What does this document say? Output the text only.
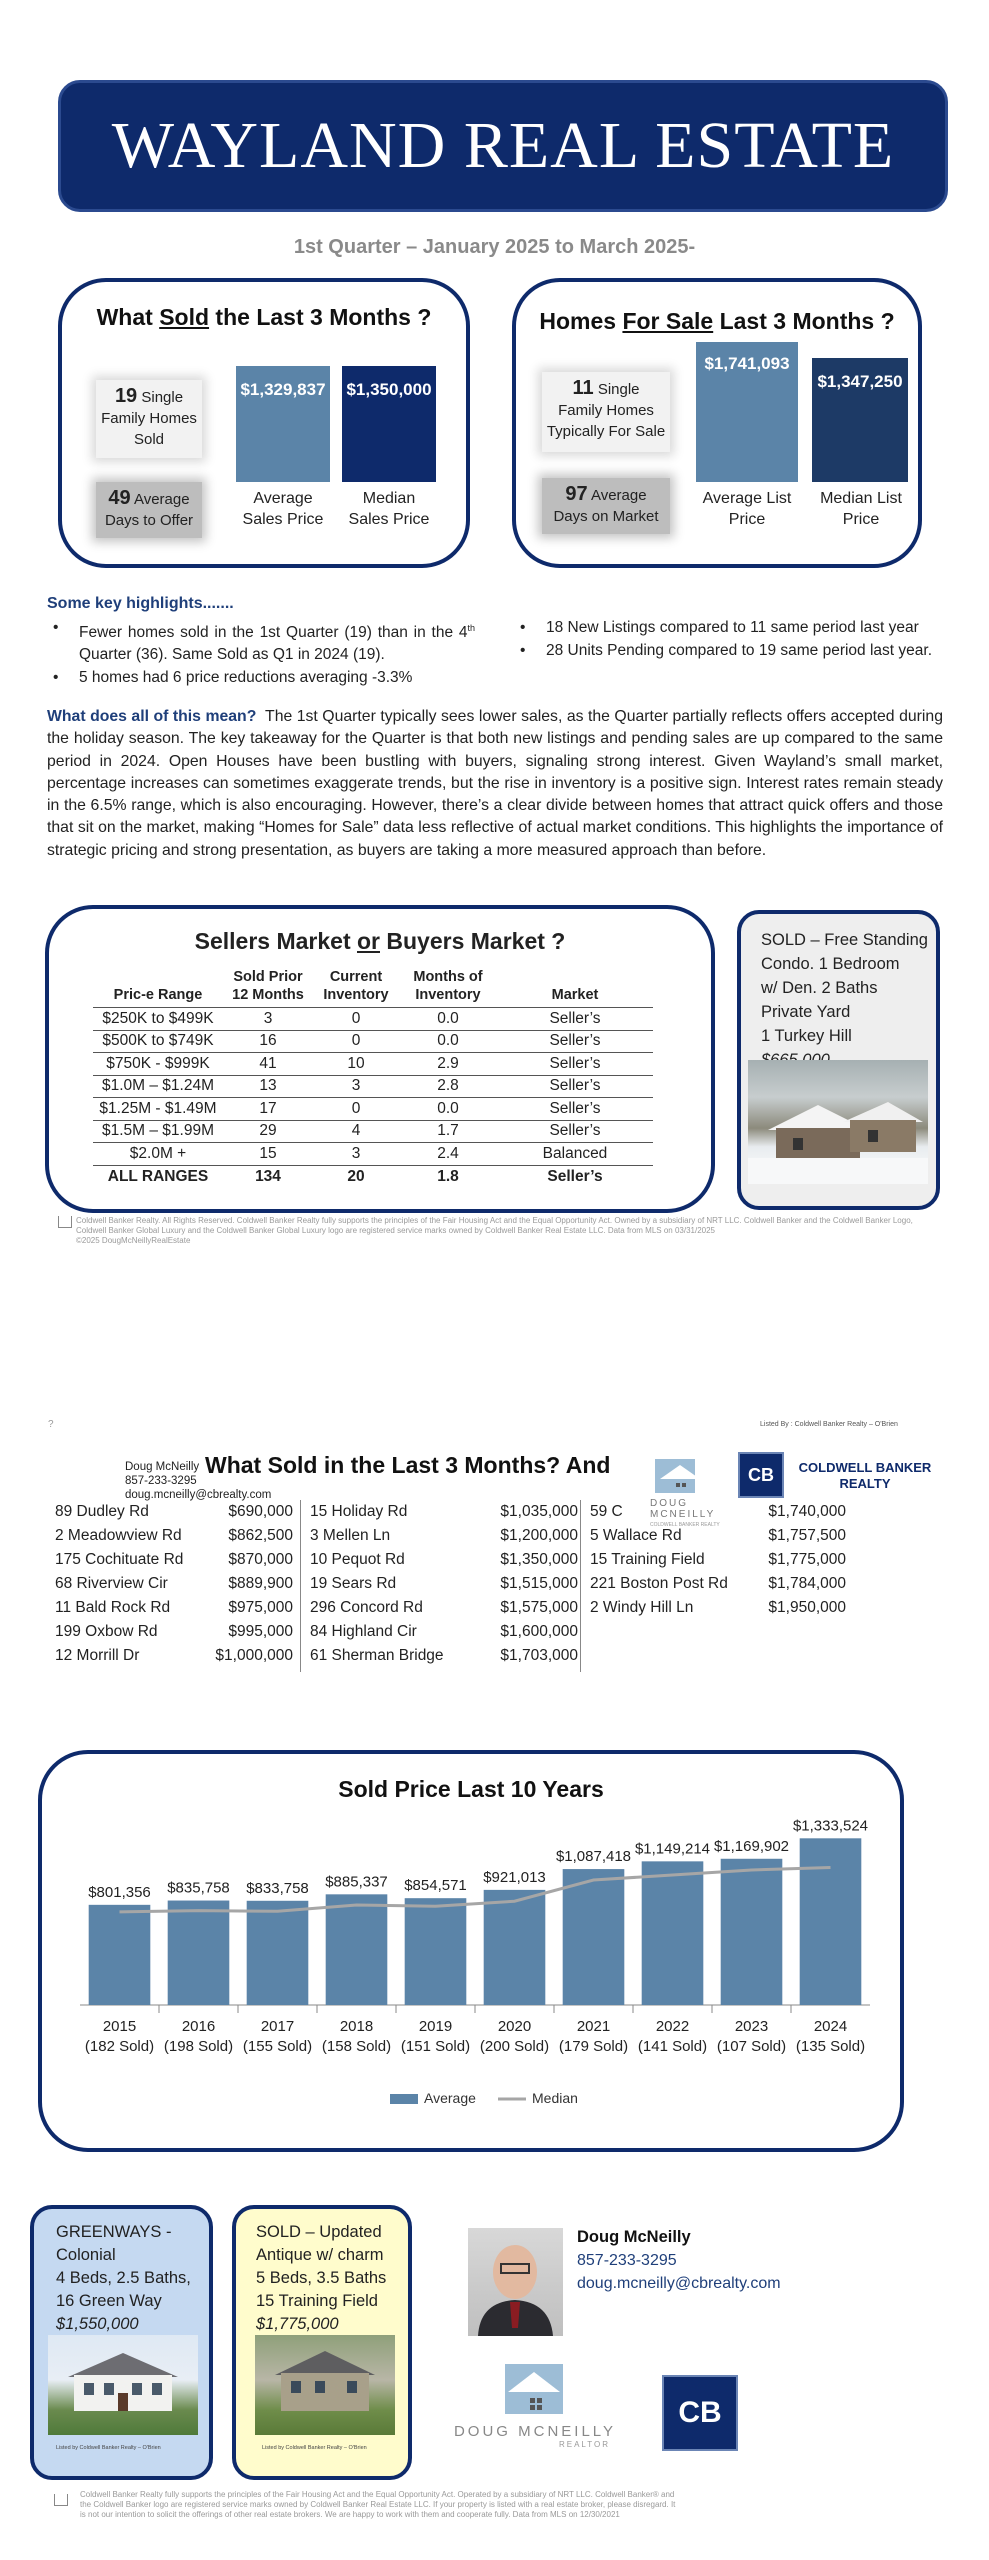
WAYLAND REAL ESTATE
1st Quarter – January 2025 to March 2025-
What Sold the Last 3 Months ?
19 Single
Family Homes
Sold
49 Average
Days to Offer
$1,329,837 $1,350,000
Average
Sales Price
Median
Sales Price
Homes For Sale Last 3 Months ?
11 Single
Family Homes
Typically For Sale
97 Average
Days on Market
$1,741,093
$1,347,250
Average List
Price
Median List
Price
Some key highlights.......
• Fewer homes sold in the 1st Quarter (19) than in the 4th Quarter (36). Same Sold as Q1 in 2024 (19).
• 5 homes had 6 price reductions averaging -3.3%
• 18 New Listings compared to 11 same period last year
• 28 Units Pending compared to 19 same period last year.
What does all of this mean? The 1st Quarter typically sees lower sales, as the Quarter partially reflects offers accepted during the holiday season. The key takeaway for the Quarter is that both new listings and pending sales are up compared to the same period in 2024. Open Houses have been bustling with buyers, signaling strong interest. Given Wayland’s small market, percentage increases can sometimes exaggerate trends, but the rise in inventory is a positive sign. Interest rates remain steady in the 6.5% range, which is also encouraging. However, there’s a clear divide between homes that attract quick offers and those that sit on the market, making “Homes for Sale” data less reflective of actual market conditions. This highlights the importance of strategic pricing and strong presentation, as buyers are taking a more measured approach than before.
Sellers Market or Buyers Market ?
Pric-e Range	Sold Prior 12 Months	Current Inventory	Months of Inventory	Market
$250K to $499K	3	0	0.0	Seller’s
$500K to $749K	16	0	0.0	Seller’s
$750K - $999K	41	10	2.9	Seller’s
$1.0M – $1.24M	13	3	2.8	Seller’s
$1.25M - $1.49M	17	0	0.0	Seller’s
$1.5M – $1.99M	29	4	1.7	Seller’s
$2.0M +	15	3	2.4	Balanced
ALL RANGES	134	20	1.8	Seller’s
SOLD – Free Standing
Condo. 1 Bedroom
w/ Den. 2 Baths
Private Yard
1 Turkey Hill
Coldwell Banker Realty. All Rights Reserved. Coldwell Banker Realty fully supports the principles of the Fair Housing Act and the Equal Opportunity Act. Owned by a subsidiary of NRT LLC. Coldwell Banker and the Coldwell Banker Logo, Coldwell Banker Global Luxury and the Coldwell Banker Global Luxury logo are registered service marks owned by Coldwell Banker Real Estate LLC. Data from MLS on 03/31/2025
©2025 DougMcNeillyRealEstate
?	Listed By : Coldwell Banker Realty – O'Brien
Doug McNeilly
857-233-3295
doug.mcneilly@cbrealty.com
What Sold in the Last 3 Months? And
DOUG MCNEILLY
COLDWELL BANKER REALTY
CB	COLDWELL BANKER
REALTY
89 Dudley Rd	$690,000
2 Meadowview Rd	$862,500
175 Cochituate Rd	$870,000
68 Riverview Cir	$889,900
11 Bald Rock Rd	$975,000
199 Oxbow Rd	$995,000
12 Morrill Dr	$1,000,000
15 Holiday Rd	$1,035,000
3 Mellen Ln	$1,200,000
10 Pequot Rd	$1,350,000
19 Sears Rd	$1,515,000
296 Concord Rd	$1,575,000
84 Highland Cir	$1,600,000
61 Sherman Bridge	$1,703,000
59 C	$1,740,000
5 Wallace Rd	$1,757,500
15 Training Field	$1,775,000
221 Boston Post Rd	$1,784,000
2 Windy Hill Ln	$1,950,000
Sold Price Last 10 Years
$801,356
2015
(182 Sold)
$835,758
2016
(198 Sold)
$833,758
2017
(155 Sold)
$885,337
2018
(158 Sold)
$854,571
2019
(151 Sold)
$921,013
2020
(200 Sold)
$1,087,418
2021
(179 Sold)
$1,149,214
2022
(141 Sold)
$1,169,902
2023
(107 Sold)
$1,333,524
2024
(135 Sold)
Average	Median
GREENWAYS -
Colonial
4 Beds, 2.5 Baths,
16 Green Way
$1,550,000
Listed by Coldwell Banker Realty – O'Brien
SOLD – Updated
Antique w/ charm
5 Beds, 3.5 Baths
15 Training Field
$1,775,000
Listed by Coldwell Banker Realty – O'Brien
Doug McNeilly
857-233-3295
doug.mcneilly@cbrealty.com
DOUG MCNEILLY
REALTOR
CB
Coldwell Banker Realty fully supports the principles of the Fair Housing Act and the Equal Opportunity Act. Operated by a subsidiary of NRT LLC. Coldwell Banker® and the Coldwell Banker logo are registered service marks owned by Coldwell Banker Real Estate LLC. If your property is listed with a real estate broker, please disregard. It is not our intention to solicit the offerings of other real estate brokers. We are happy to work with them and cooperate fully. Data from MLS on 12/30/2021
